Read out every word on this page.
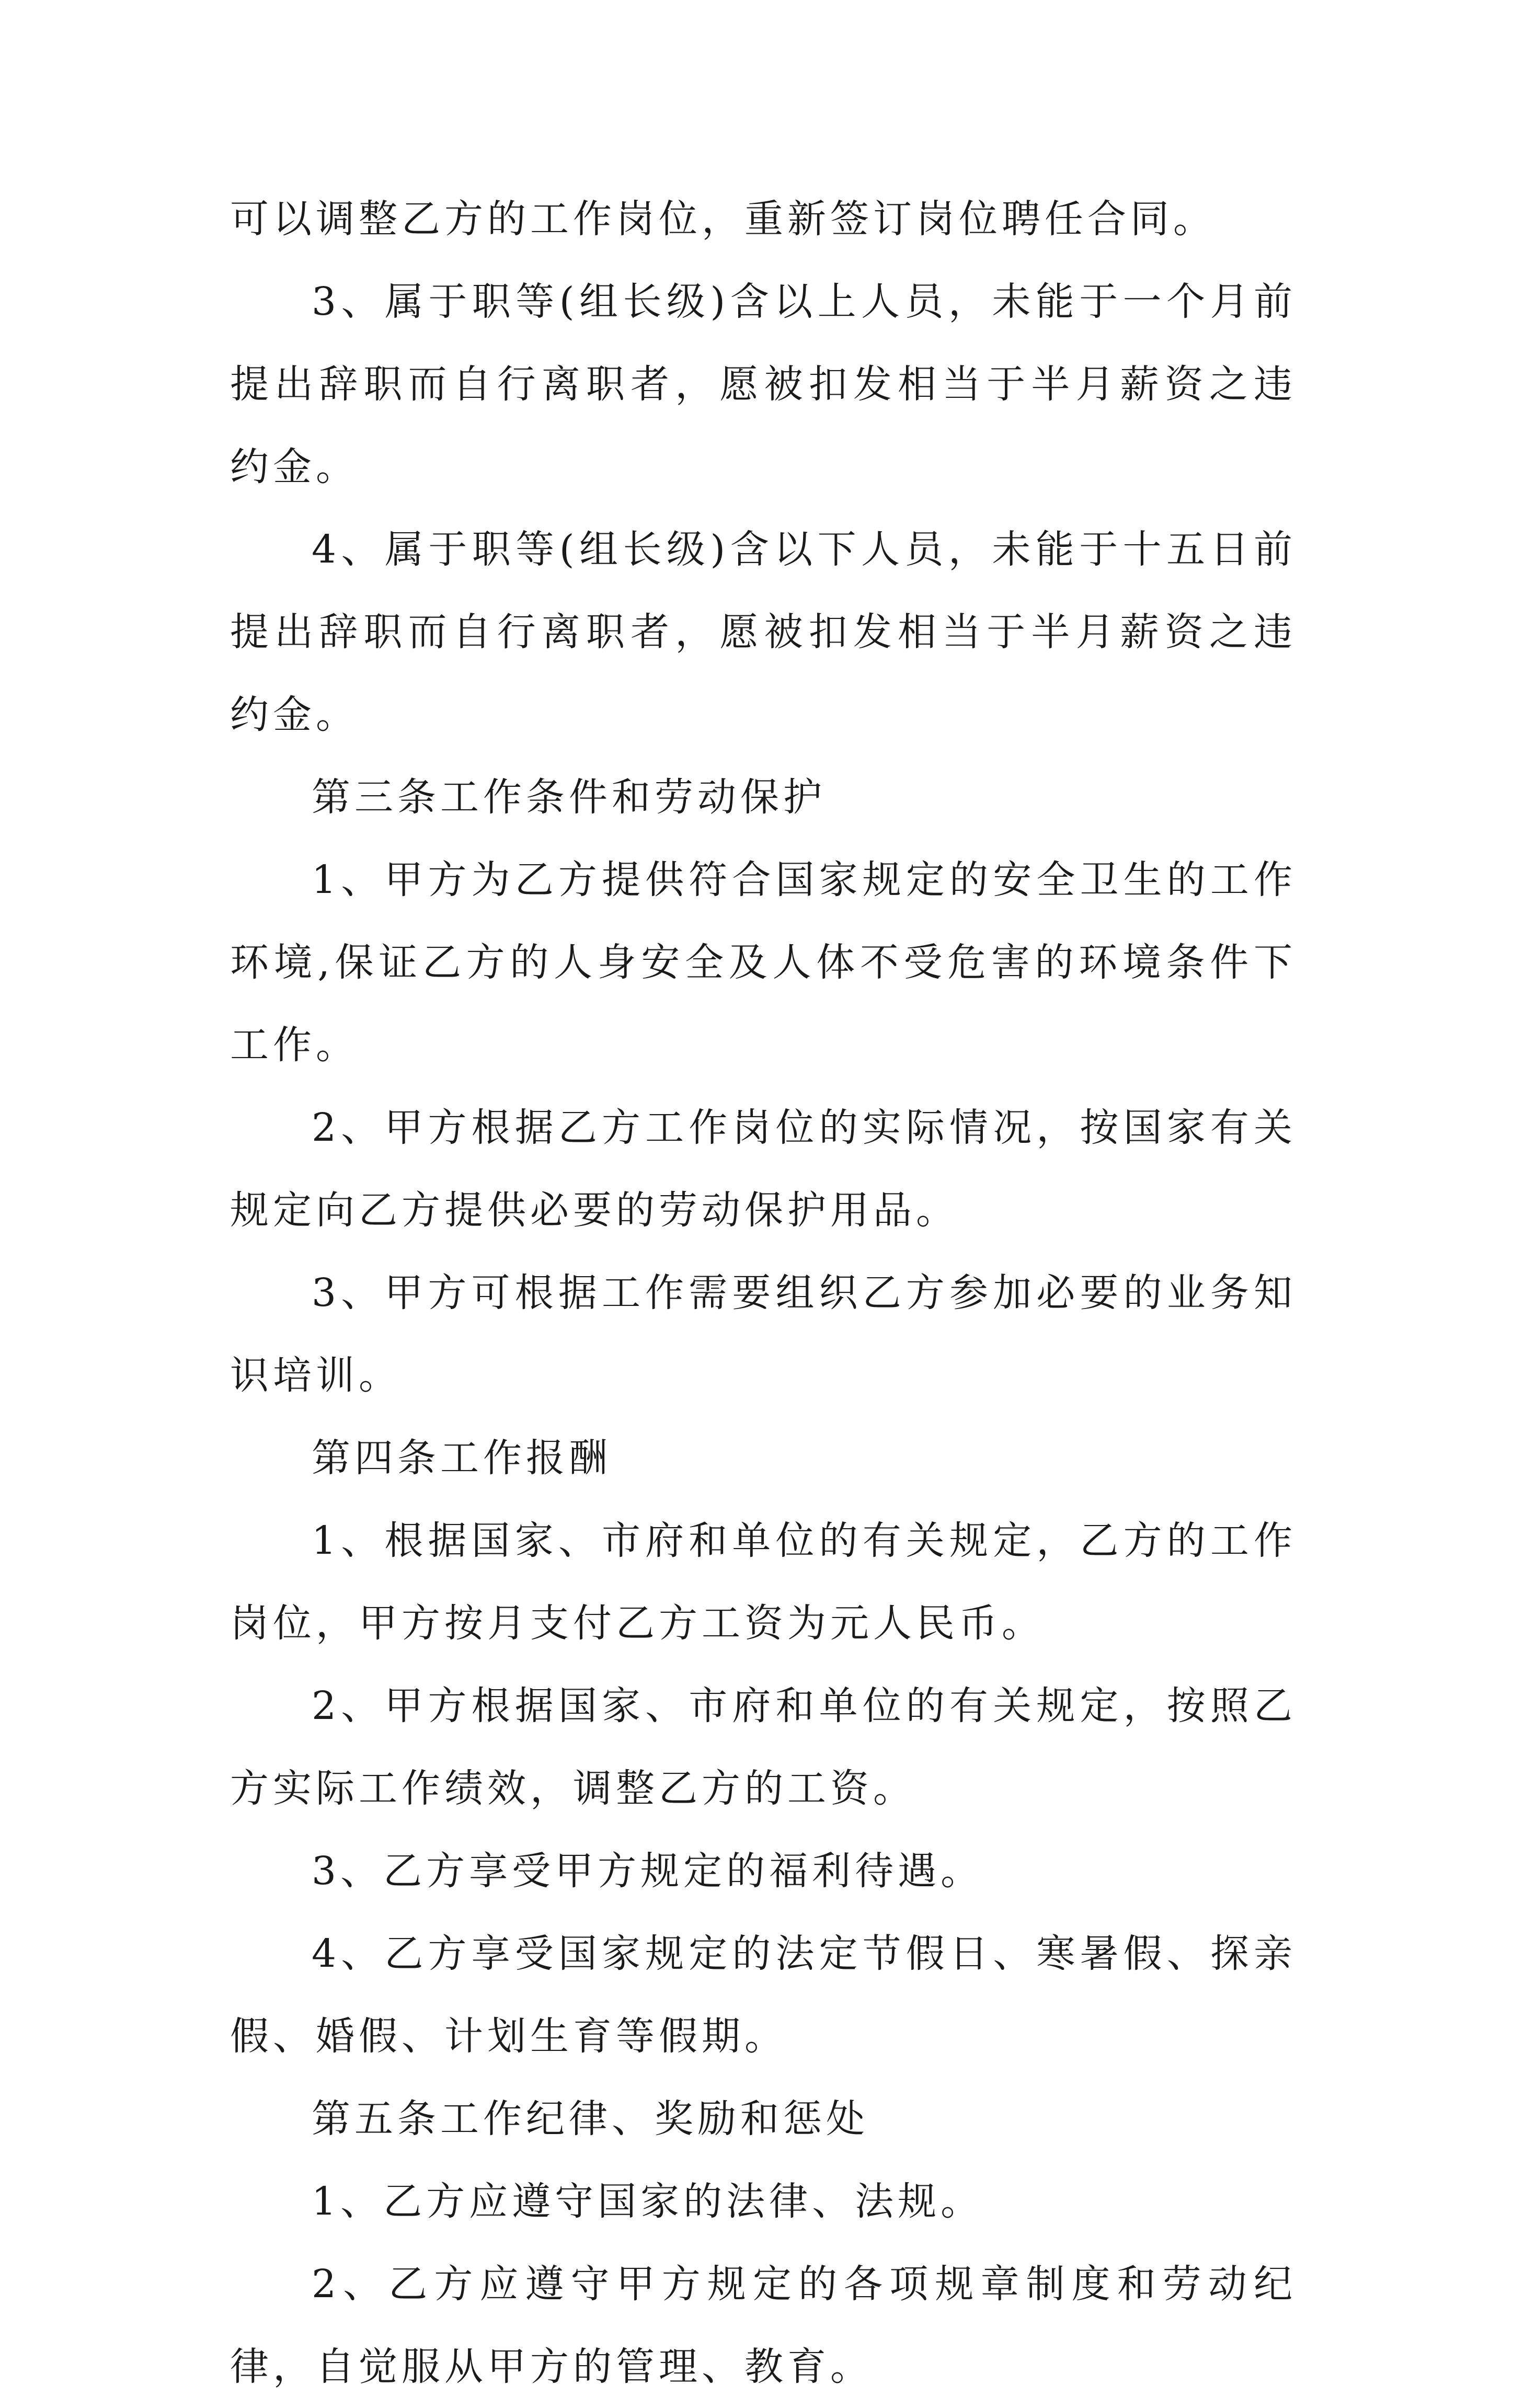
可以调整乙方的工作岗位，重新签订岗位聘任合同。

3、属于职等(组长级)含以上人员，未能于一个月前提出辞职而自行离职者，愿被扣发相当于半月薪资之违约金。

4、属于职等(组长级)含以下人员，未能于十五日前提出辞职而自行离职者，愿被扣发相当于半月薪资之违约金。

第三条工作条件和劳动保护

1、甲方为乙方提供符合国家规定的安全卫生的工作环境,保证乙方的人身安全及人体不受危害的环境条件下工作。

2、甲方根据乙方工作岗位的实际情况，按国家有关规定向乙方提供必要的劳动保护用品。

3、甲方可根据工作需要组织乙方参加必要的业务知识培训。

第四条工作报酬

1、根据国家、市府和单位的有关规定，乙方的工作岗位，甲方按月支付乙方工资为元人民币。

2、甲方根据国家、市府和单位的有关规定，按照乙方实际工作绩效，调整乙方的工资。

3、乙方享受甲方规定的福利待遇。

4、乙方享受国家规定的法定节假日、寒暑假、探亲假、婚假、计划生育等假期。

第五条工作纪律、奖励和惩处

1、乙方应遵守国家的法律、法规。

2、乙方应遵守甲方规定的各项规章制度和劳动纪律，自觉服从甲方的管理、教育。
